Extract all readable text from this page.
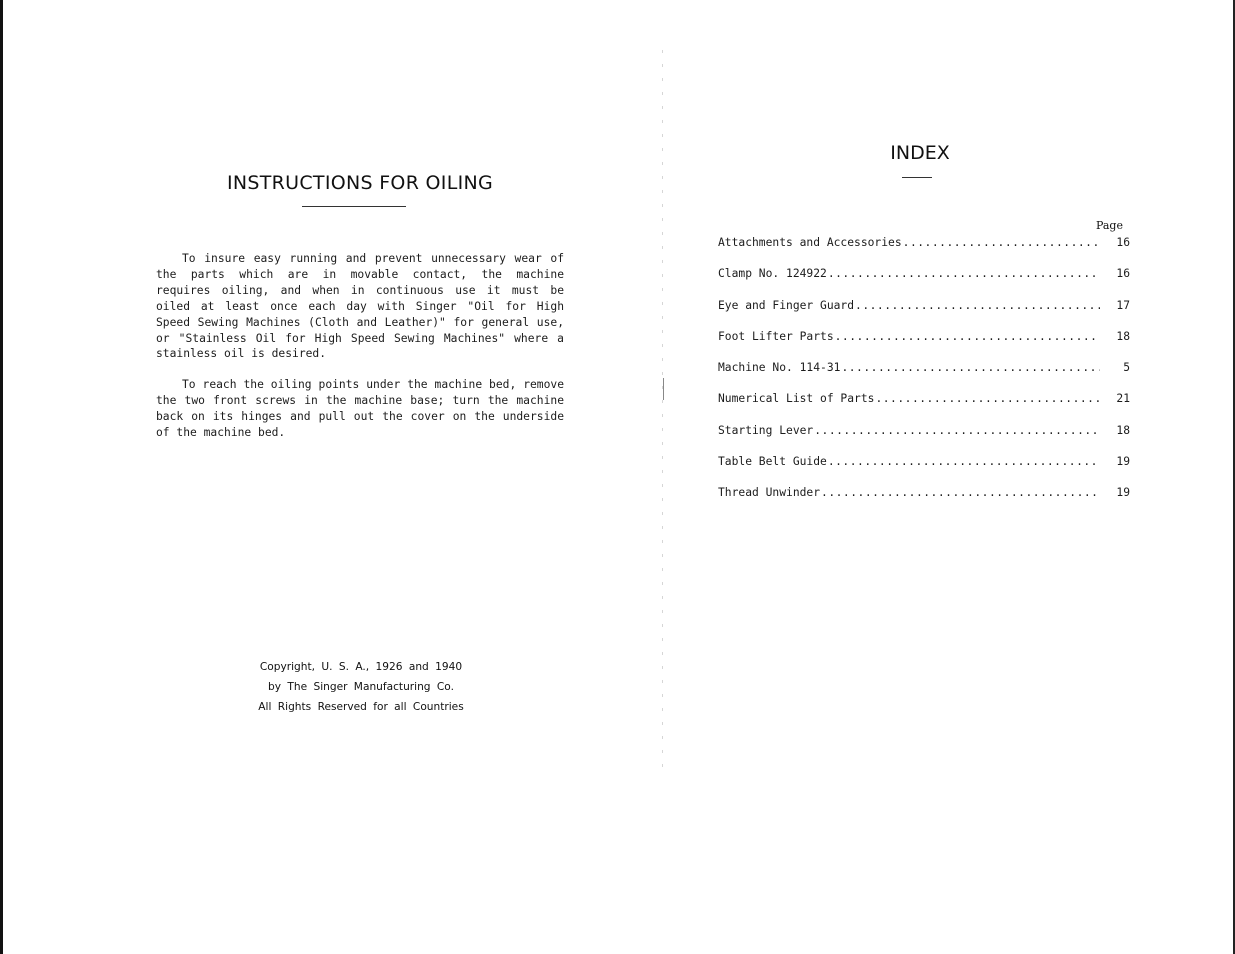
INSTRUCTIONS FOR OILING

To insure easy running and prevent unnecessary wear of the parts which are in movable contact, the machine requires oiling, and when in continuous use it must be oiled at least once each day with Singer "Oil for High Speed Sewing Machines (Cloth and Leather)" for general use, or "Stainless Oil for High Speed Sewing Machines" where a stainless oil is desired.

To reach the oiling points under the machine bed, remove the two front screws in the machine base; turn the machine back on its hinges and pull out the cover on the underside of the machine bed.

Copyright, U. S. A., 1926 and 1940
by The Singer Manufacturing Co.
All Rights Reserved for all Countries
INDEX
Page
Attachments and Accessories .....	16
Clamp No. 124922 .....	16
Eye and Finger Guard .....	17
Foot Lifter Parts .....	18
Machine No. 114-31 .....	5
Numerical List of Parts .....	21
Starting Lever .....	18
Table Belt Guide .....	19
Thread Unwinder .....	19
